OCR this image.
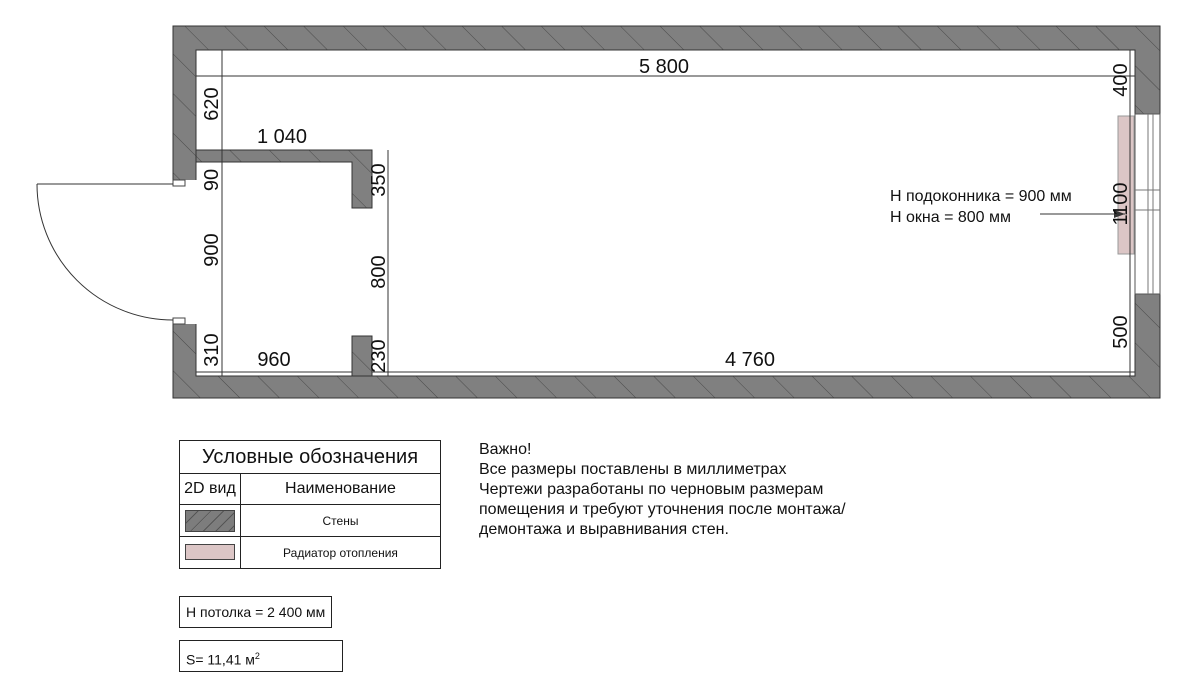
5 800
620
1 040
350
90
900
310 960
800
230	4 760
400
1100
500
Н подоконника = 900 мм
Н окна = 800 мм
Условные обозначения	
2D вид	Наименование
	Стены
	Радиатор отопления
Важно!
Все размеры поставлены в миллиметрах
Чертежи разработаны по черновым размерам
помещения и требуют уточнения после монтажа/
демонтажа и выравнивания стен.
Н потолка = 2 400 мм
S= 11,41 $м^2$
